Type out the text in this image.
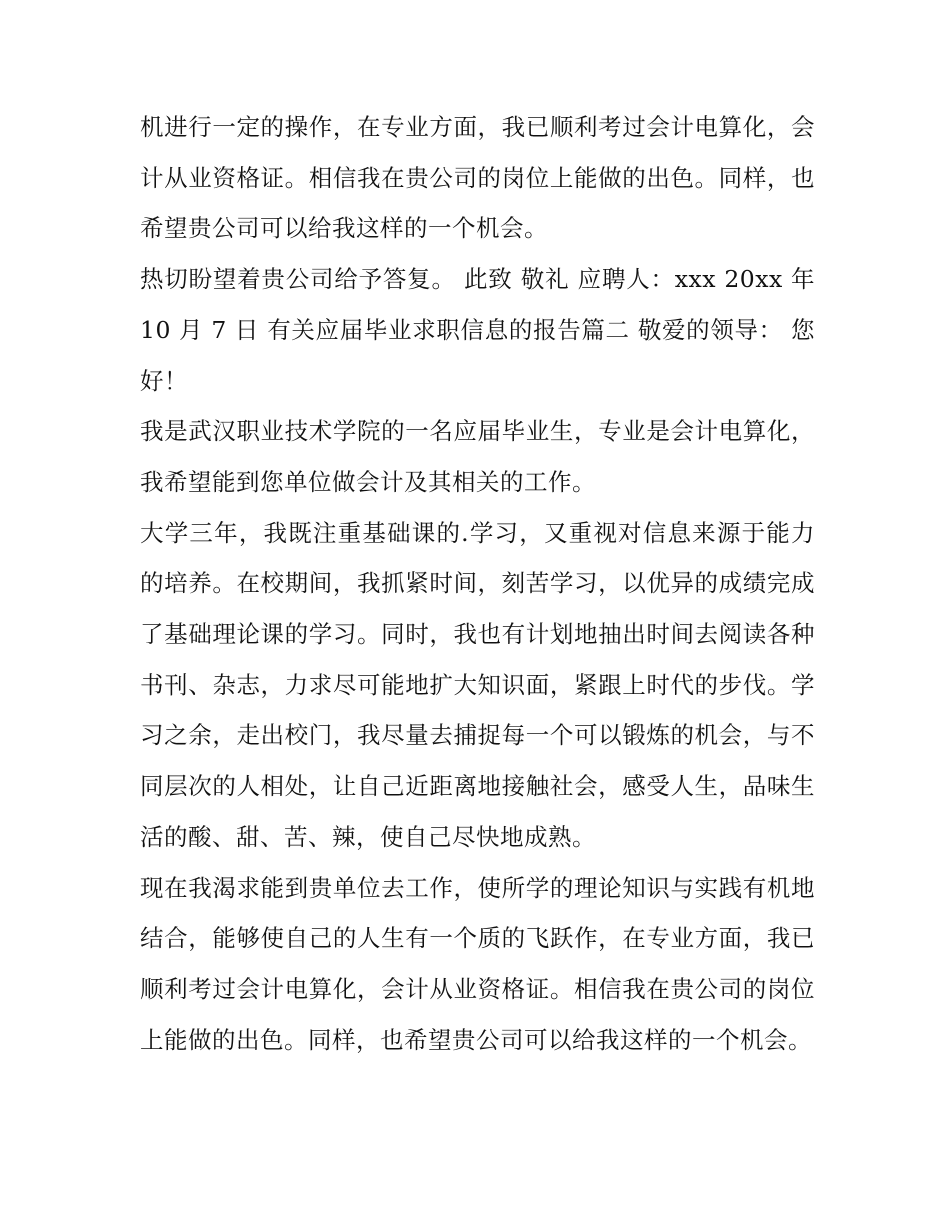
机进行一定的操作，在专业方面，我已顺利考过会计电算化，会计从业资格证。相信我在贵公司的岗位上能做的出色。同样，也希望贵公司可以给我这样的一个机会。

热切盼望着贵公司给予答复。 此致 敬礼 应聘人：xxx 20xx 年 10 月 7 日 有关应届毕业求职信息的报告篇二 敬爱的领导： 您好！

我是武汉职业技术学院的一名应届毕业生，专业是会计电算化，我希望能到您单位做会计及其相关的工作。

大学三年，我既注重基础课的.学习，又重视对信息来源于能力的培养。在校期间，我抓紧时间，刻苦学习，以优异的成绩完成了基础理论课的学习。同时，我也有计划地抽出时间去阅读各种书刊、杂志，力求尽可能地扩大知识面，紧跟上时代的步伐。学习之余，走出校门，我尽量去捕捉每一个可以锻炼的机会，与不同层次的人相处，让自己近距离地接触社会，感受人生，品味生活的酸、甜、苦、辣，使自己尽快地成熟。

现在我渴求能到贵单位去工作，使所学的理论知识与实践有机地结合，能够使自己的人生有一个质的飞跃作，在专业方面，我已顺利考过会计电算化，会计从业资格证。相信我在贵公司的岗位上能做的出色。同样，也希望贵公司可以给我这样的一个机会。
